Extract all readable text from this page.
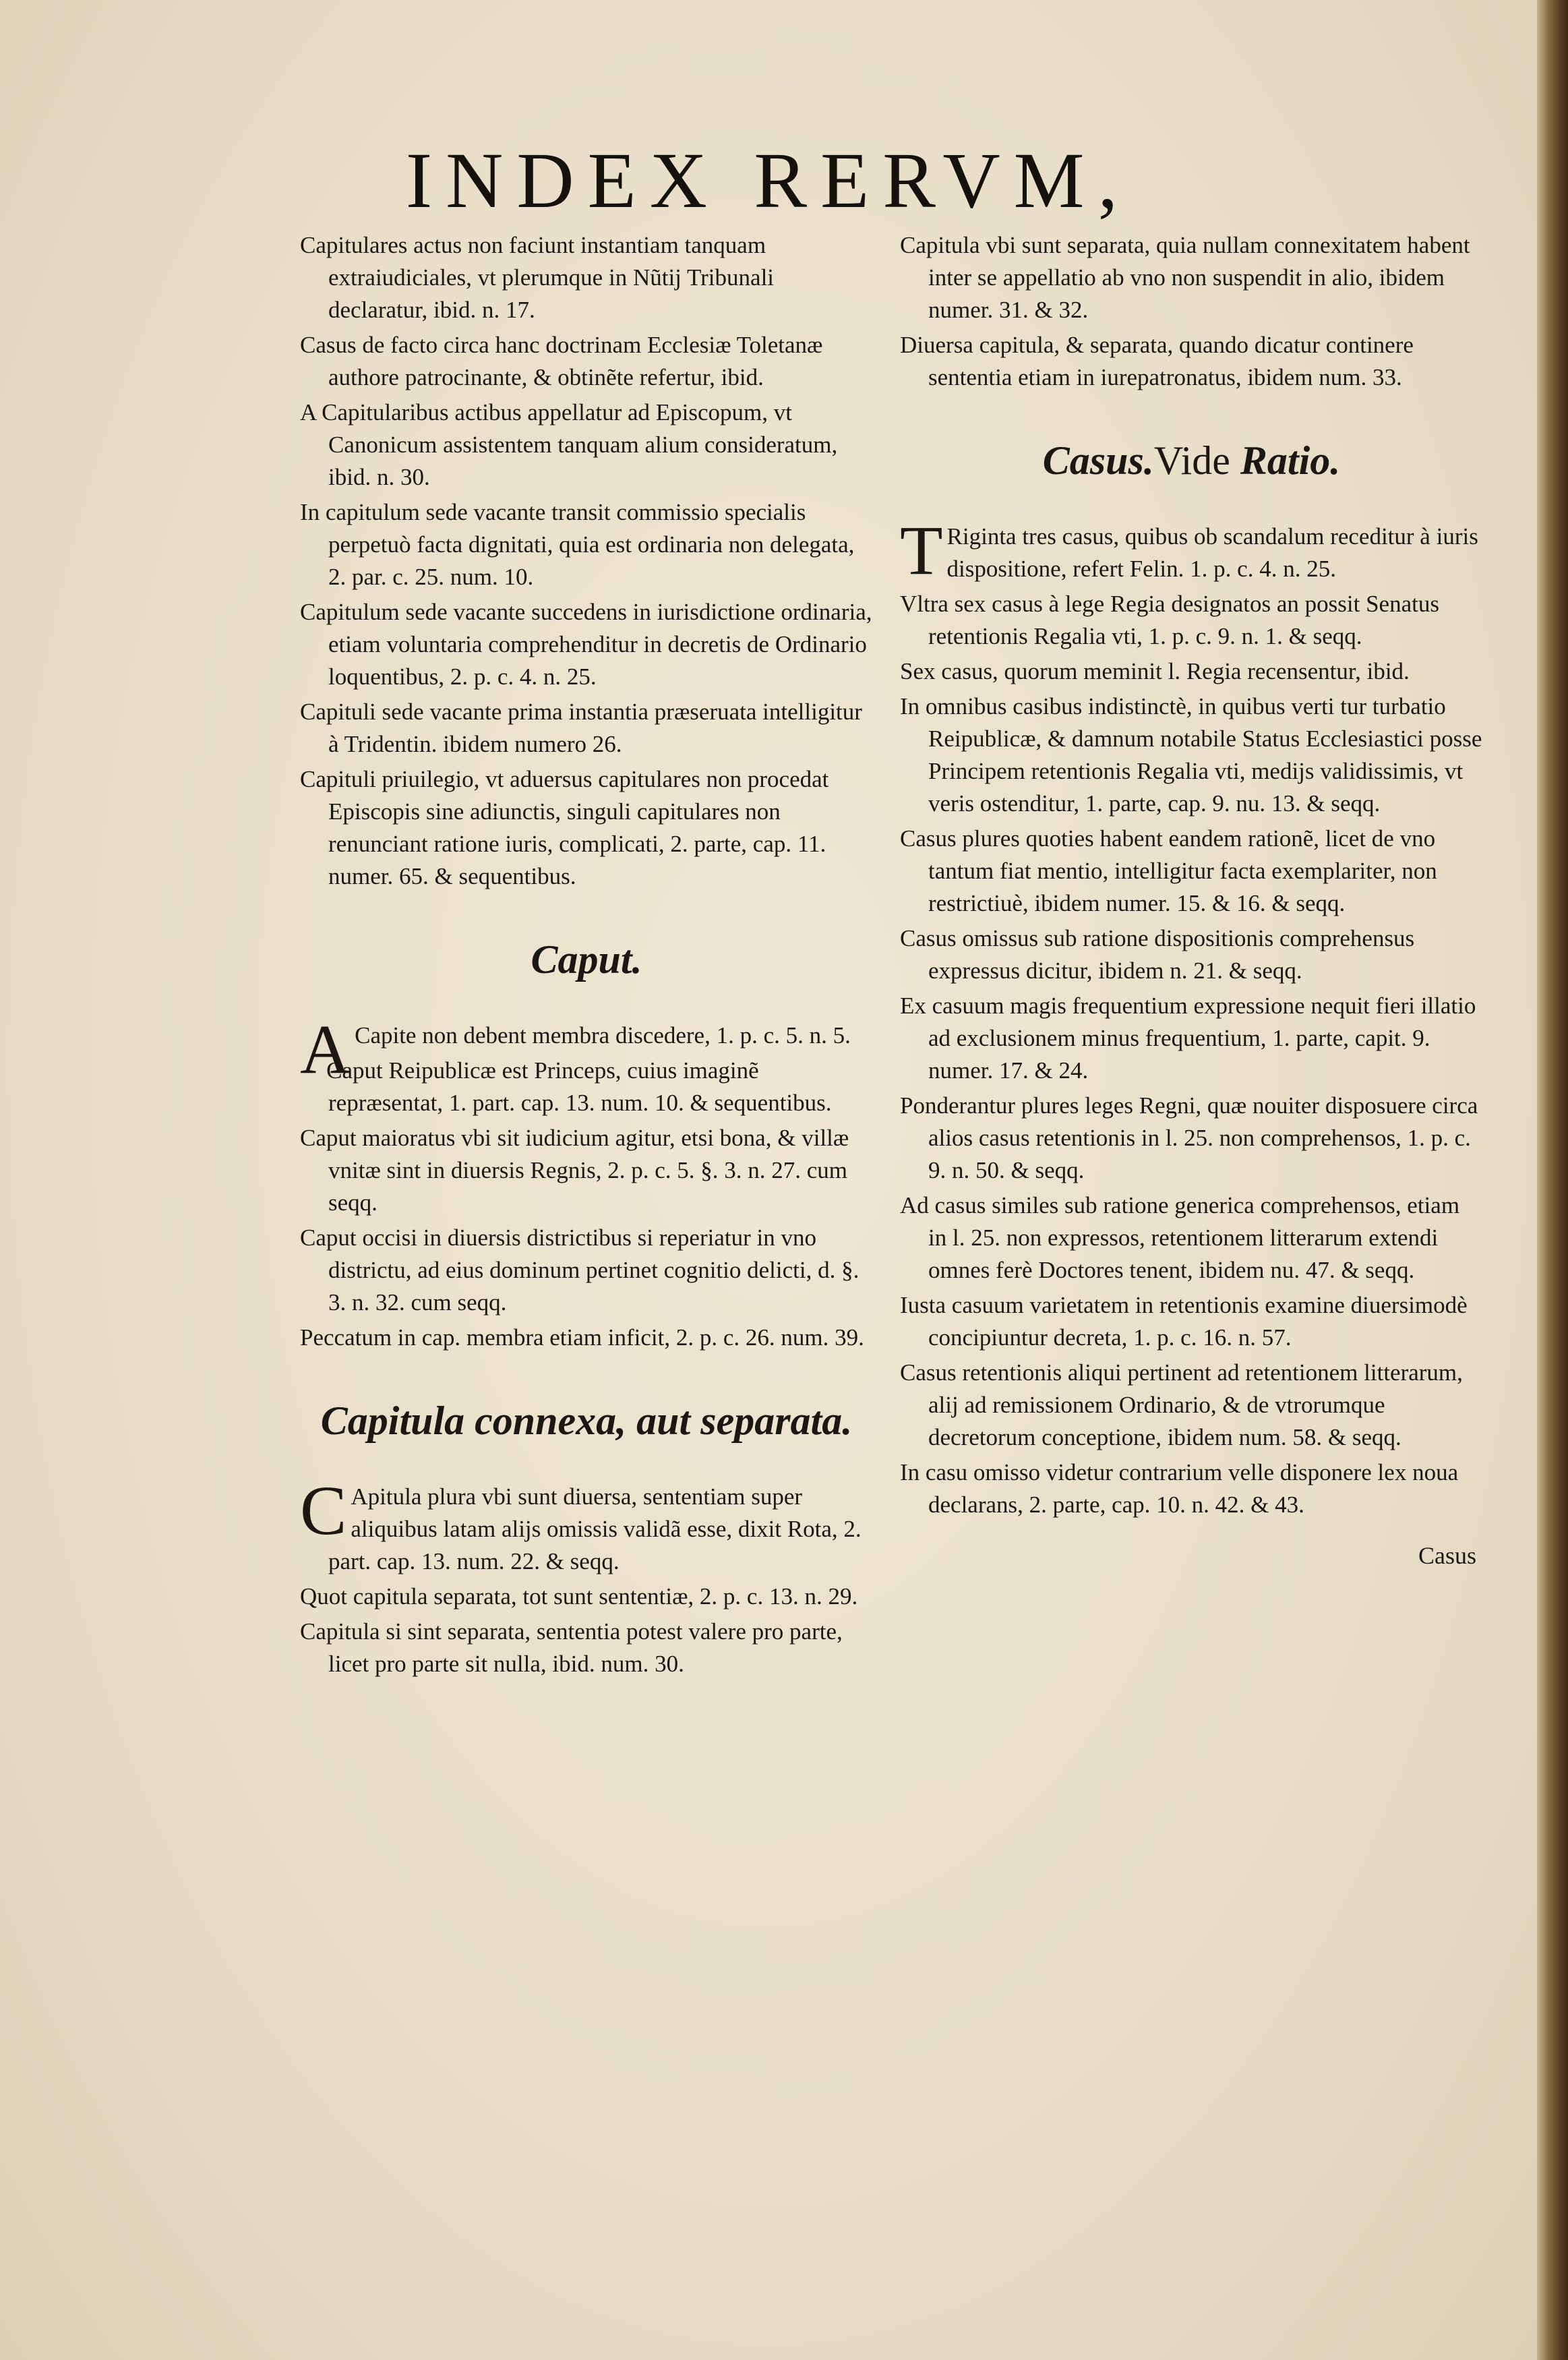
INDEX RERVM,

Capitulares actus non faciunt instantiam tanquam extraiudiciales, vt plerumque in Nũtij Tribunali declaratur, ibid. n. 17.

Casus de facto circa hanc doctrinam Ecclesiæ Toletanæ authore patrocinante, & obtinẽte refertur, ibid.

A Capitularibus actibus appellatur ad Episcopum, vt Canonicum assistentem tanquam alium consideratum, ibid. n. 30.

In capitulum sede vacante transit commissio specialis perpetuò facta dignitati, quia est ordinaria non delegata, 2. par. c. 25. num. 10.

Capitulum sede vacante succedens in iurisdictione ordinaria, etiam voluntaria comprehenditur in decretis de Ordinario loquentibus, 2. p. c. 4. n. 25.

Capituli sede vacante prima instantia præseruata intelligitur à Tridentin. ibidem numero 26.

Capituli priuilegio, vt aduersus capitulares non procedat Episcopis sine adiunctis, singuli capitulares non renunciant ratione iuris, complicati, 2. parte, cap. 11. numer. 65. & sequentibus.

Caput.

A Capite non debent membra discedere, 1. p. c. 5. n. 5.

Caput Reipublicæ est Princeps, cuius imaginẽ repræsentat, 1. part. cap. 13. num. 10. & sequentibus.

Caput maioratus vbi sit iudicium agitur, etsi bona, & villæ vnitæ sint in diuersis Regnis, 2. p. c. 5. §. 3. n. 27. cum seqq.

Caput occisi in diuersis districtibus si reperiatur in vno districtu, ad eius dominum pertinet cognitio delicti, d. §. 3. n. 32. cum seqq.

Peccatum in cap. membra etiam inficit, 2. p. c. 26. num. 39.

Capitula connexa, aut separata.

C Apitula plura vbi sunt diuersa, sententiam super aliquibus latam alijs omissis validã esse, dixit Rota, 2. part. cap. 13. num. 22. & seqq.

Quot capitula separata, tot sunt sententiæ, 2. p. c. 13. n. 29.

Capitula si sint separata, sententia potest valere pro parte, licet pro parte sit nulla, ibid. num. 30.

Capitula vbi sunt separata, quia nullam connexitatem habent inter se appellatio ab vno non suspendit in alio, ibidem numer. 31. & 32.

Diuersa capitula, & separata, quando dicatur continere sententia etiam in iurepatronatus, ibidem num. 33.

Casus.Vide Ratio.

T Riginta tres casus, quibus ob scandalum receditur à iuris dispositione, refert Felin. 1. p. c. 4. n. 25.

Vltra sex casus à lege Regia designatos an possit Senatus retentionis Regalia vti, 1. p. c. 9. n. 1. & seqq.

Sex casus, quorum meminit l. Regia recensentur, ibid.

In omnibus casibus indistinctè, in quibus verti tur turbatio Reipublicæ, & damnum notabile Status Ecclesiastici posse Principem retentionis Regalia vti, medijs validissimis, vt veris ostenditur, 1. parte, cap. 9. nu. 13. & seqq.

Casus plures quoties habent eandem rationẽ, licet de vno tantum fiat mentio, intelligitur facta exemplariter, non restrictiuè, ibidem numer. 15. & 16. & seqq.

Casus omissus sub ratione dispositionis comprehensus expressus dicitur, ibidem n. 21. & seqq.

Ex casuum magis frequentium expressione nequit fieri illatio ad exclusionem minus frequentium, 1. parte, capit. 9. numer. 17. & 24.

Ponderantur plures leges Regni, quæ nouiter disposuere circa alios casus retentionis in l. 25. non comprehensos, 1. p. c. 9. n. 50. & seqq.

Ad casus similes sub ratione generica comprehensos, etiam in l. 25. non expressos, retentionem litterarum extendi omnes ferè Doctores tenent, ibidem nu. 47. & seqq.

Iusta casuum varietatem in retentionis examine diuersimodè concipiuntur decreta, 1. p. c. 16. n. 57.

Casus retentionis aliqui pertinent ad retentionem litterarum, alij ad remissionem Ordinario, & de vtrorumque decretorum conceptione, ibidem num. 58. & seqq.

In casu omisso videtur contrarium velle disponere lex noua declarans, 2. parte, cap. 10. n. 42. & 43.

Casus
